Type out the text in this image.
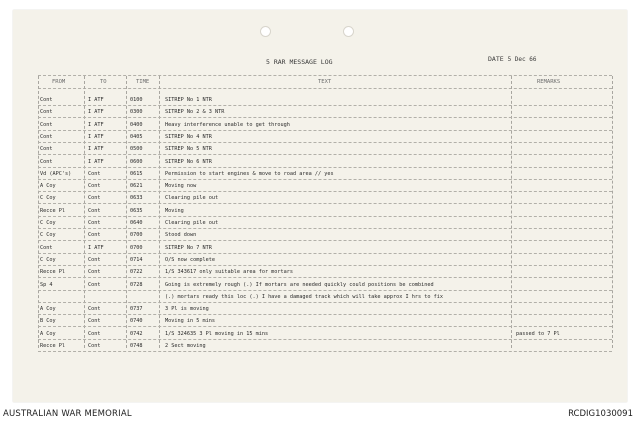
5 RAR MESSAGE LOG	DATE 5 Dec 66
FROM	TO	TIME	TEXT	REMARKS
Cont	I ATF	0100	SITREP No 1 NTR
Cont	I ATF	0300	SITREP No 2 & 3 NTR
Cont	I ATF	0400	Heavy interference unable to get through
Cont	I ATF	0405	SITREP No 4 NTR
Cont	I ATF	0500	SITREP No 5 NTR
Cont	I ATF	0600	SITREP No 6 NTR
Vd (APC's)	Cont	0615	Permission to start engines & move to road area // yes
A Coy	Cont	0621	Moving now
C Coy	Cont	0633	Clearing pile out
Recce Pl	Cont	0635	Moving
C Coy	Cont	0640	Clearing pile out
C Coy	Cont	0700	Stood down
Cont	I ATF	0700	SITREP No 7 NTR
C Coy	Cont	0714	O/S now complete
Recce Pl	Cont	0722	1/S 343617 only suitable area for mortars
Sp 4	Cont	0728	Going is extremely rough (.) If mortars are needed quickly could positions be combined
(.) mortars ready this loc (.) I have a damaged track which will take approx I hrs to fix
A Coy	Cont	0737	3 Pl is moving
B Coy	Cont	0740	Moving in 5 mins
A Coy	Cont	0742	1/S 324635 3 Pl moving in 15 mins	passed to 7 Pl
Recce Pl	Cont	0748	2 Sect moving
AUSTRALIAN WAR MEMORIAL	RCDIG1030091
